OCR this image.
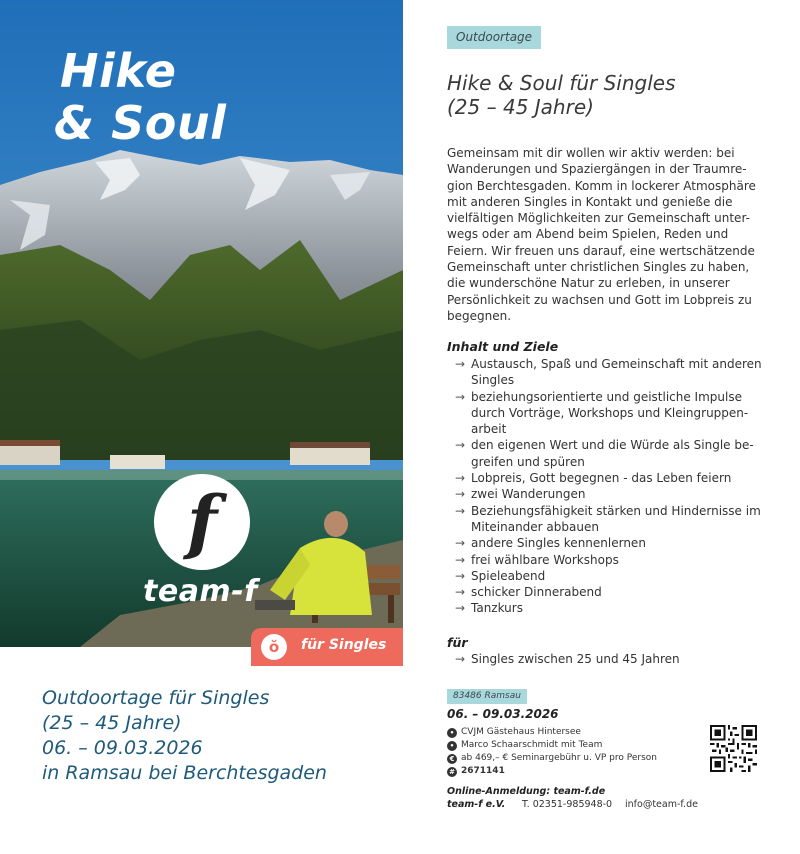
Hike
& Soul
f
team-f
ŏ	für Singles
Outdoortage für Singles
(25 – 45 Jahre)
06. – 09.03.2026
in Ramsau bei Berchtesgaden
Outdoortage
Hike & Soul für Singles
(25 – 45 Jahre)
Gemeinsam mit dir wollen wir aktiv werden: bei
Wanderungen und Spaziergängen in der Traumre-
gion Berchtesgaden. Komm in lockerer Atmosphäre
mit anderen Singles in Kontakt und genieße die
vielfältigen Möglichkeiten zur Gemeinschaft unter-
wegs oder am Abend beim Spielen, Reden und
Feiern. Wir freuen uns darauf, eine wertschätzende
Gemeinschaft unter christlichen Singles zu haben,
die wunderschöne Natur zu erleben, in unserer
Persönlichkeit zu wachsen und Gott im Lobpreis zu
begegnen.
Inhalt und Ziele
→ Austausch, Spaß und Gemeinschaft mit anderen
Singles
→ beziehungsorientierte und geistliche Impulse
durch Vorträge, Workshops und Kleingruppen-
arbeit
→ den eigenen Wert und die Würde als Single be-
greifen und spüren
→ Lobpreis, Gott begegnen - das Leben feiern
→ zwei Wanderungen
→ Beziehungsfähigkeit stärken und Hindernisse im
Miteinander abbauen
→ andere Singles kennenlernen
→ frei wählbare Workshops
→ Spieleabend
→ schicker Dinnerabend
→ Tanzkurs
für
→ Singles zwischen 25 und 45 Jahren
83486 Ramsau
06. – 09.03.2026
• CVJM Gästehaus Hintersee
• Marco Schaarschmidt mit Team
€ ab 469,– € Seminargebühr u. VP pro Person
# 2671141
Online-Anmeldung: team-f.de
team-f e.V. T. 02351-985948-0 info@team-f.de
